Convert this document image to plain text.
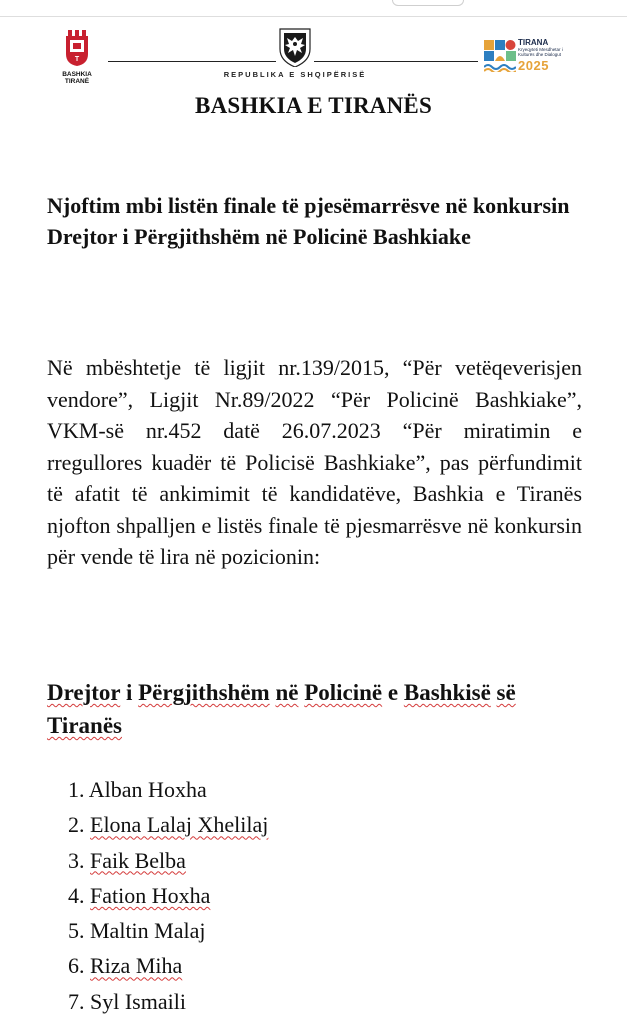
T
BASHKIA
TIRANË
REPUBLIKA E SHQIPËRISË
TIRANA
Kryeqyteti Mesdhetar i Kulturës dhe Dialogut
2025
BASHKIA E TIRANËS

Njoftim mbi listën finale të pjesëmarrësve në konkursin Drejtor i Përgjithshëm në Policinë Bashkiake

Në mbështetje të ligjit nr.139/2015, “Për vetëqeverisjen vendore”, Ligjit Nr.89/2022 “Për Policinë Bashkiake”, VKM-së nr.452 datë 26.07.2023 “Për miratimin e rregullores kuadër të Policisë Bashkiake”, pas përfundimit të afatit të ankimimit të kandidatëve, Bashkia e Tiranës njofton shpalljen e listës finale të pjesmarrësve në konkursin për vende të lira në pozicionin:

Drejtor i Përgjithshëm në Policinë e Bashkisë së Tiranës

1. Alban Hoxha
2. Elona Lalaj Xhelilaj
3. Faik Belba
4. Fation Hoxha
5. Maltin Malaj
6. Riza Miha
7. Syl Ismaili
